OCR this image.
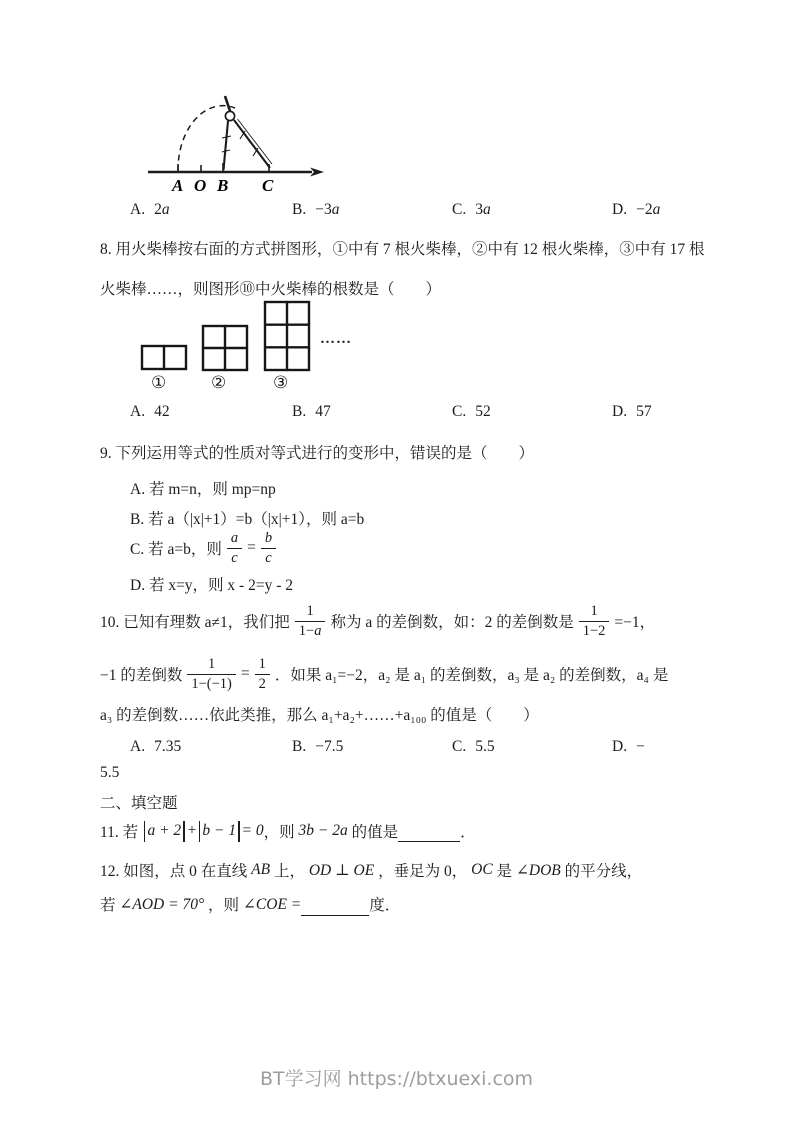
A O B C
A. 2a	B. −3a	C. 3a	D. −2a
8. 用火柴棒按右面的方式拼图形，①中有 7 根火柴棒，②中有 12 根火柴棒，③中有 17 根
火柴棒……，则图形⑩中火柴棒的根数是（　　）
①	②	③
……
A. 42	B. 47	C. 52	D. 57
9. 下列运用等式的性质对等式进行的变形中，错误的是（　　）
A. 若 m=n，则 mp=np
B. 若 a（|x|+1）=b（|x|+1），则 a=b
C. 若 a=b，则 $\frac{a}{c} = \frac{b}{c}$
D. 若 x=y，则 x - 2=y - 2
10. 已知有理数 a≠1，我们把 $\frac{1}{1-a}$ 称为 a 的差倒数，如：2 的差倒数是 $\frac{1}{1-2} =-1$，
−1 的差倒数 $\frac{1}{1-(-1)} = \frac{1}{2}$ ．如果 a₁=−2，a₂ 是 a₁ 的差倒数，a₃ 是 a₂ 的差倒数，a₄ 是
a₃ 的差倒数……依此类推，那么 a₁+a₂+……+a₁₀₀ 的值是（　　）
A. 7.35	B. −7.5	C. 5.5	D. −
5.5
二、填空题
11. 若
a + 2 + b − 1 = 0 ，则 3b − 2a 的值是	．
12. 如图，点 0 在直线 AB 上， OD ⊥ OE ，垂足为 0， OC 是 ∠DOB 的平分线，
若 ∠AOD = 70° ，则 ∠COE =	度．
BT学习网 https://btxuexi.com
